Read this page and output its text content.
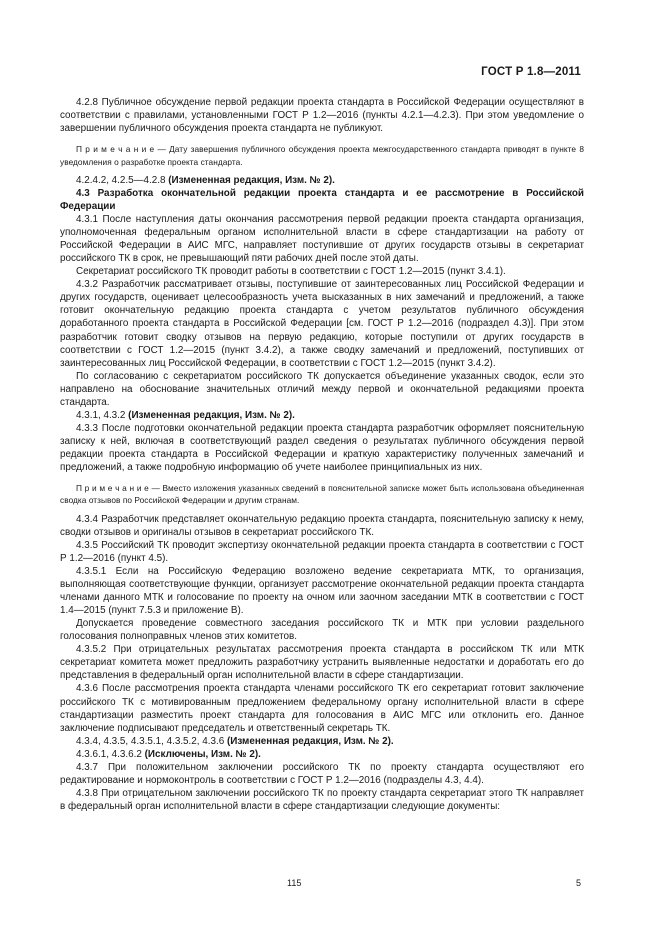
ГОСТ Р 1.8—2011

4.2.8 Публичное обсуждение первой редакции проекта стандарта в Российской Федерации осуществляют в соответствии с правилами, установленными ГОСТ Р 1.2—2016 (пункты 4.2.1—4.2.3). При этом уведомление о завершении публичного обсуждения проекта стандарта не публикуют.

П р и м е ч а н и е — Дату завершения публичного обсуждения проекта межгосударственного стандарта приводят в пункте 8 уведомления о разработке проекта стандарта.

4.2.4.2, 4.2.5—4.2.8 (Измененная редакция, Изм. № 2).

4.3 Разработка окончательной редакции проекта стандарта и ее рассмотрение в Российской Федерации

4.3.1 После наступления даты окончания рассмотрения первой редакции проекта стандарта организация, уполномоченная федеральным органом исполнительной власти в сфере стандартизации на работу от Российской Федерации в АИС МГС, направляет поступившие от других государств отзывы в секретариат российского ТК в срок, не превышающий пяти рабочих дней после этой даты.

Секретариат российского ТК проводит работы в соответствии с ГОСТ 1.2—2015 (пункт 3.4.1).

4.3.2 Разработчик рассматривает отзывы, поступившие от заинтересованных лиц Российской Федерации и других государств, оценивает целесообразность учета высказанных в них замечаний и предложений, а также готовит окончательную редакцию проекта стандарта с учетом результатов публичного обсуждения доработанного проекта стандарта в Российской Федерации [см. ГОСТ Р 1.2—2016 (подраздел 4.3)]. При этом разработчик готовит сводку отзывов на первую редакцию, которые поступили от других государств в соответствии с ГОСТ 1.2—2015 (пункт 3.4.2), а также сводку замечаний и предложений, поступивших от заинтересованных лиц Российской Федерации, в соответствии с ГОСТ 1.2—2015 (пункт 3.4.2).

По согласованию с секретариатом российского ТК допускается объединение указанных сводок, если это направлено на обоснование значительных отличий между первой и окончательной редакциями проекта стандарта.

4.3.1, 4.3.2 (Измененная редакция, Изм. № 2).

4.3.3 После подготовки окончательной редакции проекта стандарта разработчик оформляет пояснительную записку к ней, включая в соответствующий раздел сведения о результатах публичного обсуждения первой редакции проекта стандарта в Российской Федерации и краткую характеристику полученных замечаний и предложений, а также подробную информацию об учете наиболее принципиальных из них.

П р и м е ч а н и е — Вместо изложения указанных сведений в пояснительной записке может быть использована объединенная сводка отзывов по Российской Федерации и другим странам.

4.3.4 Разработчик представляет окончательную редакцию проекта стандарта, пояснительную записку к нему, сводки отзывов и оригиналы отзывов в секретариат российского ТК.

4.3.5 Российский ТК проводит экспертизу окончательной редакции проекта стандарта в соответствии с ГОСТ Р 1.2—2016 (пункт 4.5).

4.3.5.1 Если на Российскую Федерацию возложено ведение секретариата МТК, то организация, выполняющая соответствующие функции, организует рассмотрение окончательной редакции проекта стандарта членами данного МТК и голосование по проекту на очном или заочном заседании МТК в соответствии с ГОСТ 1.4—2015 (пункт 7.5.3 и приложение В).

Допускается проведение совместного заседания российского ТК и МТК при условии раздельного голосования полноправных членов этих комитетов.

4.3.5.2 При отрицательных результатах рассмотрения проекта стандарта в российском ТК или МТК секретариат комитета может предложить разработчику устранить выявленные недостатки и доработать его до представления в федеральный орган исполнительной власти в сфере стандартизации.

4.3.6 После рассмотрения проекта стандарта членами российского ТК его секретариат готовит заключение российского ТК с мотивированным предложением федеральному органу исполнительной власти в сфере стандартизации разместить проект стандарта для голосования в АИС МГС или отклонить его. Данное заключение подписывают председатель и ответственный секретарь ТК.

4.3.4, 4.3.5, 4.3.5.1, 4.3.5.2, 4.3.6 (Измененная редакция, Изм. № 2).

4.3.6.1, 4.3.6.2 (Исключены, Изм. № 2).

4.3.7 При положительном заключении российского ТК по проекту стандарта осуществляют его редактирование и нормоконтроль в соответствии с ГОСТ Р 1.2—2016 (подразделы 4.3, 4.4).

4.3.8 При отрицательном заключении российского ТК по проекту стандарта секретариат этого ТК направляет в федеральный орган исполнительной власти в сфере стандартизации следующие документы:

115	5
